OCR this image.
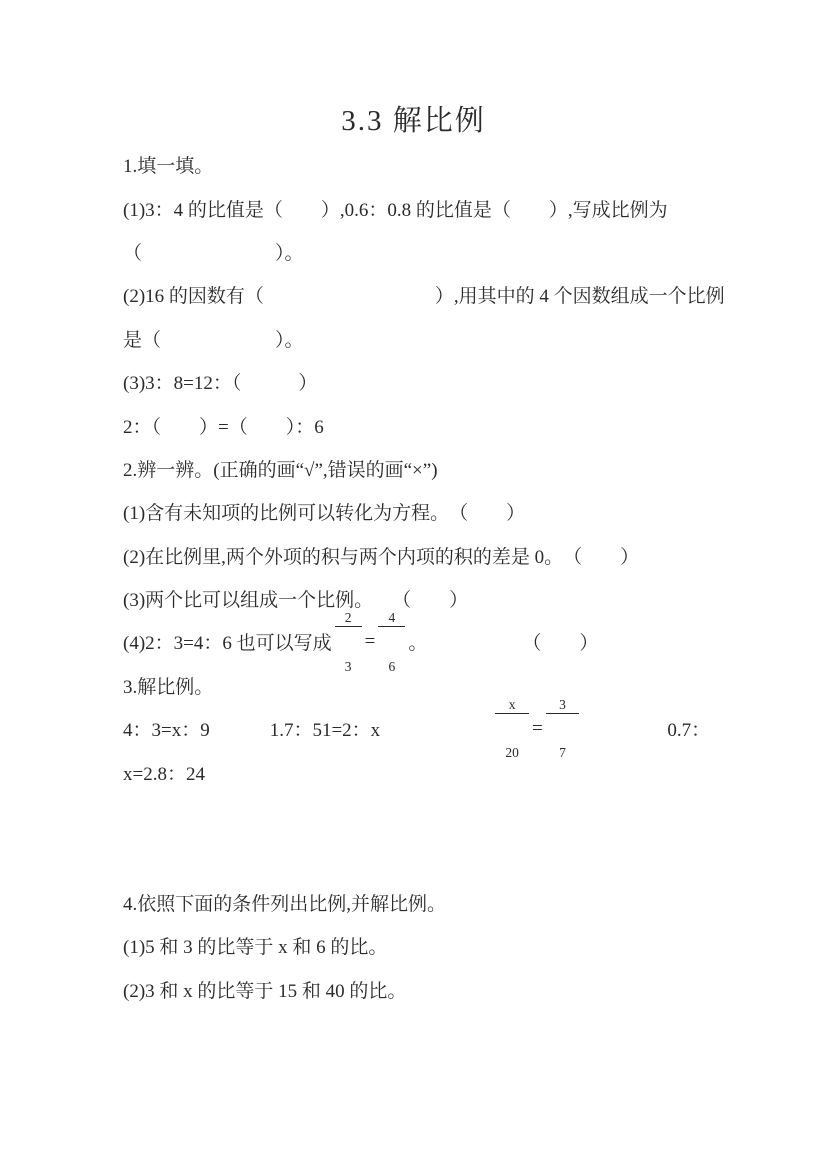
3.3 解比例
1.填一填。
(1)3：4 的比值是（　　）,0.6：0.8 的比值是（　　）,写成比例为
（　　　　　　　）。
(2)16 的因数有（　　　　　　　　　）,用其中的 4 个因数组成一个比例
是（　　　　　　）。
(3)3：8=12：（　　　）
2：（　　）=（　　）：6
2.辨一辨。(正确的画“√”,错误的画“×”)
(1)含有未知项的比例可以转化为方程。　（　　）
(2)在比例里,两个外项的积与两个内项的积的差是 0。　（　　）
(3)两个比可以组成一个比例。　　（　　）
(4)2：3=4：6 也可以写成

$\frac{2}{3}$

=

$\frac{4}{6}$

。	（　　）
3.解比例。
4：3=x：9	1.7：51=2：x

	$\frac{x}{20}$

=

$\frac{3}{7}$

	0.7：
x=2.8：24
4.依照下面的条件列出比例,并解比例。
(1)5 和 3 的比等于 x 和 6 的比。
(2)3 和 x 的比等于 15 和 40 的比。
